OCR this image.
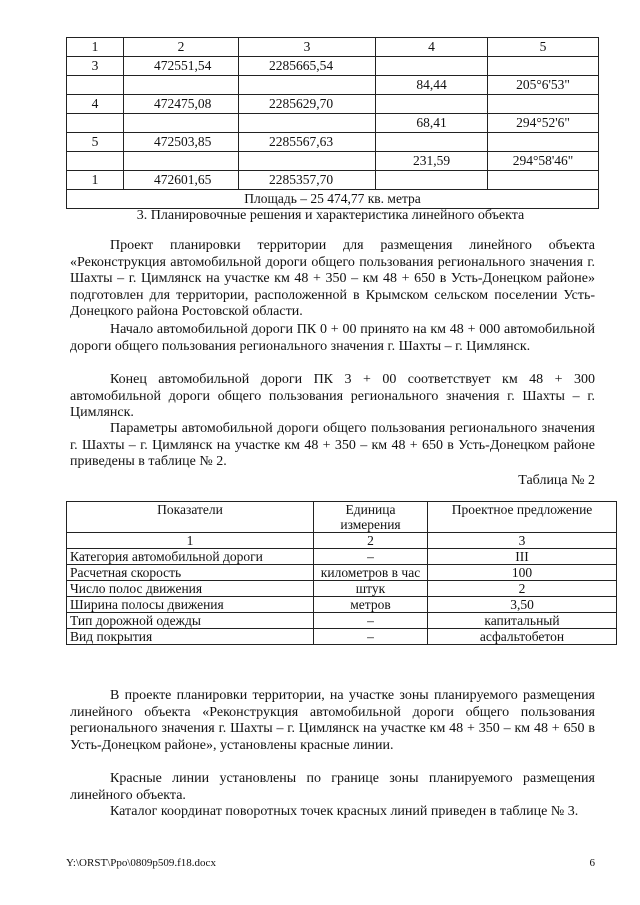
1	2	3	4	5
3	472551,54	2285665,54		
			84,44	205°6'53"
4	472475,08	2285629,70		
			68,41	294°52'6"
5	472503,85	2285567,63		
			231,59	294°58'46"
1	472601,65	2285357,70		
Площадь – 25 474,77 кв. метра				
3. Планировочные решения и характеристика линейного объекта
Проект планировки территории для размещения линейного объекта «Реконструкция автомобильной дороги общего пользования регионального значения г. Шахты – г. Цимлянск на участке км 48 + 350 – км 48 + 650 в Усть-Донецком районе» подготовлен для территории, расположенной в Крымском сельском поселении Усть-Донецкого района Ростовской области.
Начало автомобильной дороги ПК 0 + 00 принято на км 48 + 000 автомобильной дороги общего пользования регионального значения г. Шахты – г. Цимлянск.
Конец автомобильной дороги ПК 3 + 00 соответствует км 48 + 300 автомобильной дороги общего пользования регионального значения г. Шахты – г. Цимлянск.
Параметры автомобильной дороги общего пользования регионального значения г. Шахты – г. Цимлянск на участке км 48 + 350 – км 48 + 650 в Усть-Донецком районе приведены в таблице № 2.
Таблица № 2
Показатели	Единица измерения	Проектное предложение
1	2	3
Категория автомобильной дороги	–	III
Расчетная скорость	километров в час	100
Число полос движения	штук	2
Ширина полосы движения	метров	3,50
Тип дорожной одежды	–	капитальный
Вид покрытия	–	асфальтобетон
В проекте планировки территории, на участке зоны планируемого размещения линейного объекта «Реконструкция автомобильной дороги общего пользования регионального значения г. Шахты – г. Цимлянск на участке км 48 + 350 – км 48 + 650 в Усть-Донецком районе», установлены красные линии.
Красные линии установлены по границе зоны планируемого размещения линейного объекта.
Каталог координат поворотных точек красных линий приведен в таблице № 3.
Y:\ORST\Ppo\0809p509.f18.docx	6
